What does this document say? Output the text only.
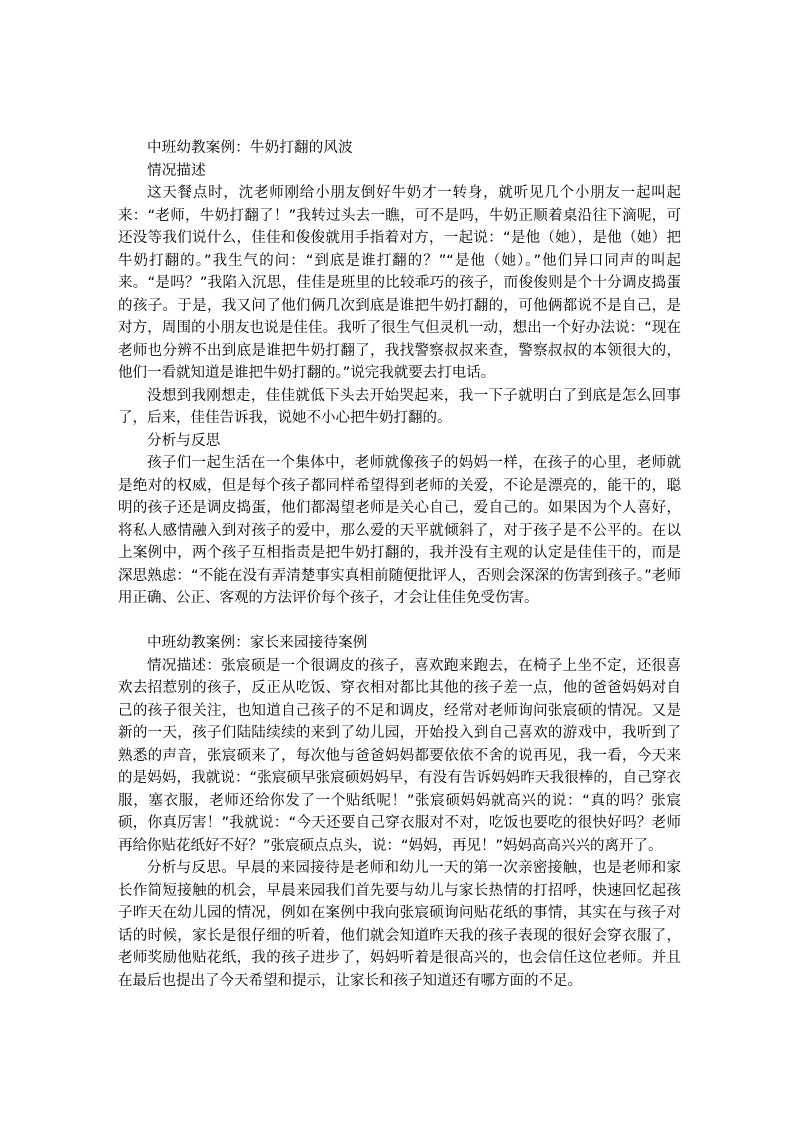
中班幼教案例：牛奶打翻的风波

情况描述

这天餐点时，沈老师刚给小朋友倒好牛奶才一转身，就听见几个小朋友一起叫起来：“老师，牛奶打翻了！”我转过头去一瞧，可不是吗，牛奶正顺着桌沿往下滴呢，可还没等我们说什么，佳佳和俊俊就用手指着对方，一起说：“是他（她），是他（她）把牛奶打翻的。”我生气的问：“到底是谁打翻的？”“是他（她）。”他们异口同声的叫起来。“是吗？”我陷入沉思，佳佳是班里的比较乖巧的孩子，而俊俊则是个十分调皮捣蛋的孩子。于是，我又问了他们俩几次到底是谁把牛奶打翻的，可他俩都说不是自己，是对方，周围的小朋友也说是佳佳。我听了很生气但灵机一动，想出一个好办法说：“现在老师也分辨不出到底是谁把牛奶打翻了，我找警察叔叔来查，警察叔叔的本领很大的，他们一看就知道是谁把牛奶打翻的。”说完我就要去打电话。

没想到我刚想走，佳佳就低下头去开始哭起来，我一下子就明白了到底是怎么回事了，后来，佳佳告诉我，说她不小心把牛奶打翻的。

分析与反思

孩子们一起生活在一个集体中，老师就像孩子的妈妈一样，在孩子的心里，老师就是绝对的权威，但是每个孩子都同样希望得到老师的关爱，不论是漂亮的，能干的，聪明的孩子还是调皮捣蛋，他们都渴望老师是关心自己，爱自己的。如果因为个人喜好，将私人感情融入到对孩子的爱中，那么爱的天平就倾斜了，对于孩子是不公平的。在以上案例中，两个孩子互相指责是把牛奶打翻的，我并没有主观的认定是佳佳干的，而是深思熟虑：“不能在没有弄清楚事实真相前随便批评人，否则会深深的伤害到孩子。”老师用正确、公正、客观的方法评价每个孩子，才会让佳佳免受伤害。

中班幼教案例：家长来园接待案例

情况描述：张宸硕是一个很调皮的孩子，喜欢跑来跑去，在椅子上坐不定，还很喜欢去招惹别的孩子，反正从吃饭、穿衣相对都比其他的孩子差一点，他的爸爸妈妈对自己的孩子很关注，也知道自己孩子的不足和调皮，经常对老师询问张宸硕的情况。又是新的一天，孩子们陆陆续续的来到了幼儿园，开始投入到自己喜欢的游戏中，我听到了熟悉的声音，张宸硕来了，每次他与爸爸妈妈都要依依不舍的说再见，我一看，今天来的是妈妈，我就说：“张宸硕早张宸硕妈妈早，有没有告诉妈妈昨天我很棒的，自己穿衣服，塞衣服，老师还给你发了一个贴纸呢！”张宸硕妈妈就高兴的说：“真的吗？张宸硕，你真厉害！”我就说：“今天还要自己穿衣服对不对，吃饭也要吃的很快好吗？老师再给你贴花纸好不好？”张宸硕点点头，说：“妈妈，再见！”妈妈高高兴兴的离开了。

分析与反思。早晨的来园接待是老师和幼儿一天的第一次亲密接触，也是老师和家长作简短接触的机会，早晨来园我们首先要与幼儿与家长热情的打招呼，快速回忆起孩子昨天在幼儿园的情况，例如在案例中我向张宸硕询问贴花纸的事情，其实在与孩子对话的时候，家长是很仔细的听着，他们就会知道昨天我的孩子表现的很好会穿衣服了，老师奖励他贴花纸，我的孩子进步了，妈妈听着是很高兴的，也会信任这位老师。并且在最后也提出了今天希望和提示，让家长和孩子知道还有哪方面的不足。
